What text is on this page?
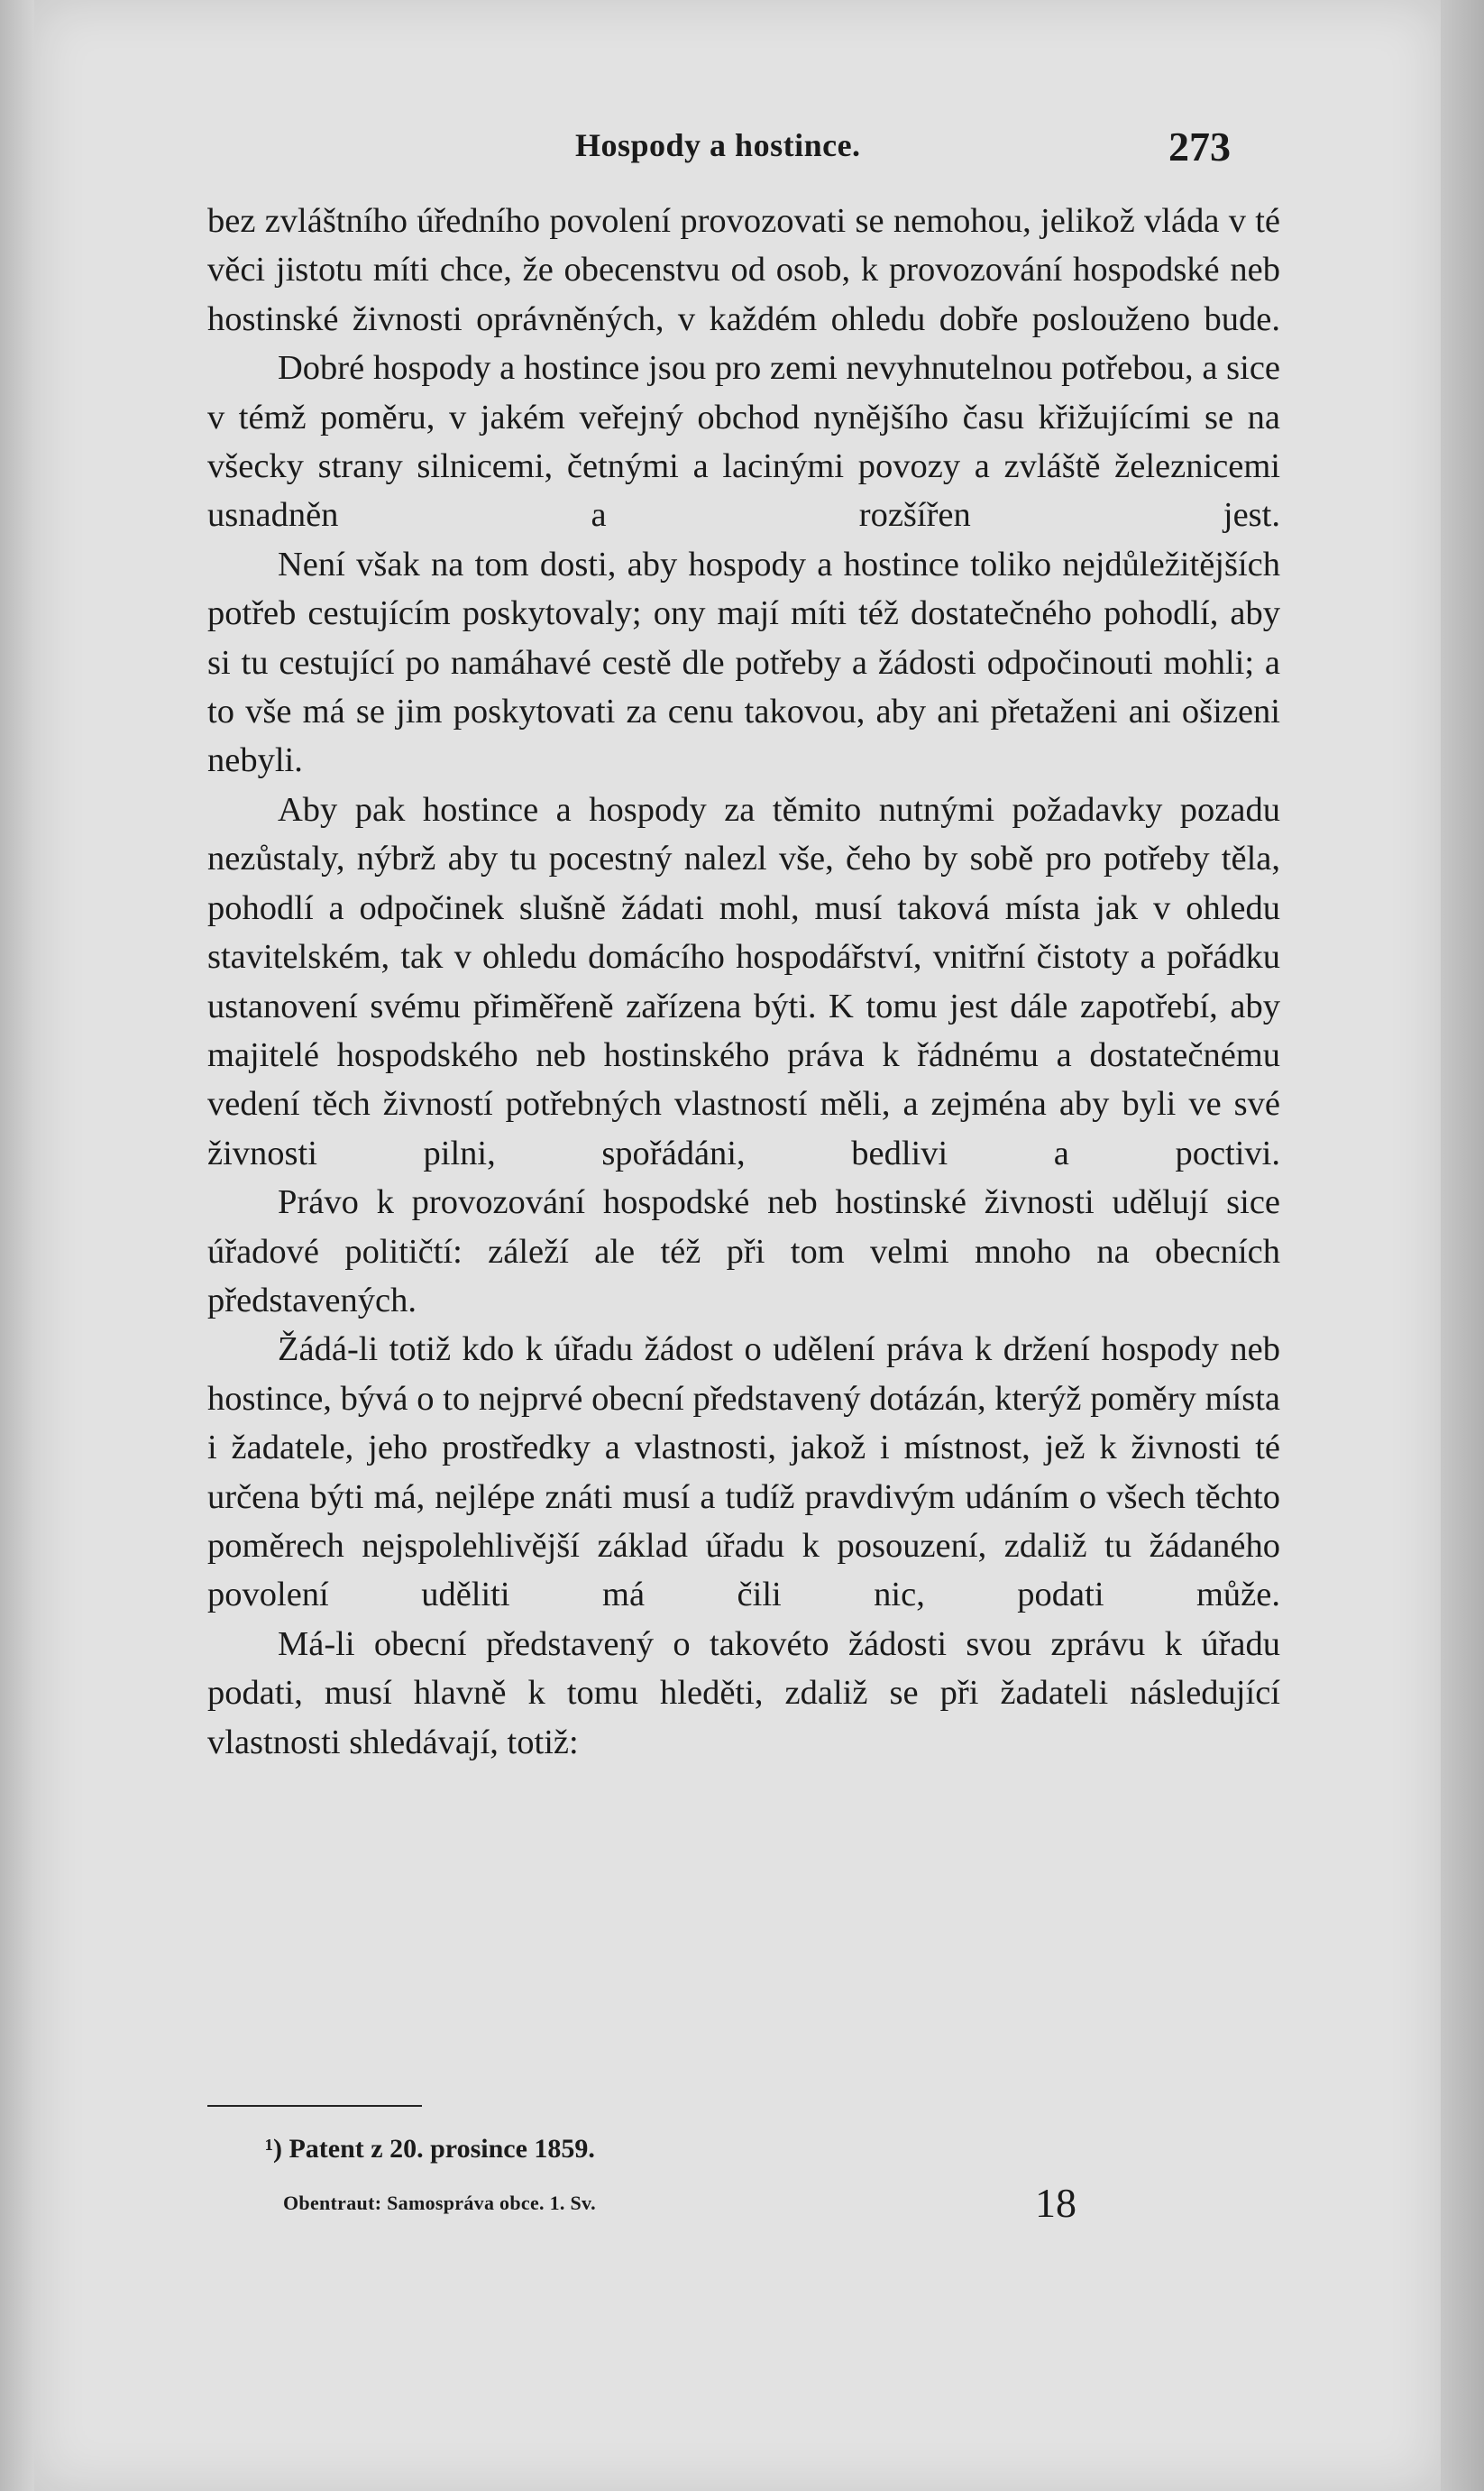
Hospody a hostince.	273

bez zvláštního úředního povolení provozovati se nemohou, jelikož vláda v té věci jistotu míti chce, že obecenstvu od osob, k provozování hospodské neb hostinské živnosti oprávněných, v každém ohledu dobře poslouženo bude.

Dobré hospody a hostince jsou pro zemi nevyhnutelnou potřebou, a sice v témž poměru, v jakém veřejný obchod nynějšího času křižujícími se na všecky strany silnicemi, četnými a lacinými povozy a zvláště železnicemi usnadněn a rozšířen jest.

Není však na tom dosti, aby hospody a hostince toliko nejdůležitějších potřeb cestujícím poskytovaly; ony mají míti též dostatečného pohodlí, aby si tu cestující po namáhavé cestě dle potřeby a žádosti odpočinouti mohli; a to vše má se jim poskytovati za cenu takovou, aby ani přetaženi ani ošizeni nebyli.

Aby pak hostince a hospody za těmito nutnými požadavky pozadu nezůstaly, nýbrž aby tu pocestný nalezl vše, čeho by sobě pro potřeby těla, pohodlí a odpočinek slušně žádati mohl, musí taková místa jak v ohledu stavitelském, tak v ohledu domácího hospodářství, vnitřní čistoty a pořádku ustanovení svému přiměřeně zařízena býti. K tomu jest dále zapotřebí, aby majitelé hospodského neb hostinského práva k řádnému a dostatečnému vedení těch živností potřebných vlastností měli, a zejména aby byli ve své živnosti pilni, spořádáni, bedlivi a poctivi.

Právo k provozování hospodské neb hostinské živnosti udělují sice úřadové političtí: záleží ale též při tom velmi mnoho na obecních představených.

Žádá-li totiž kdo k úřadu žádost o udělení práva k držení hospody neb hostince, bývá o to nejprvé obecní představený dotázán, kterýž poměry místa i žadatele, jeho prostředky a vlastnosti, jakož i místnost, jež k živnosti té určena býti má, nejlépe znáti musí a tudíž pravdivým udáním o všech těchto poměrech nejspolehlivější základ úřadu k posouzení, zdaliž tu žádaného povolení uděliti má čili nic, podati může.

Má-li obecní představený o takovéto žádosti svou zprávu k úřadu podati, musí hlavně k tomu hleděti, zdaliž se při žadateli následující vlastnosti shledávají, totiž:

¹) Patent z 20. prosince 1859.
Obentraut: Samospráva obce. 1. Sv.	18
